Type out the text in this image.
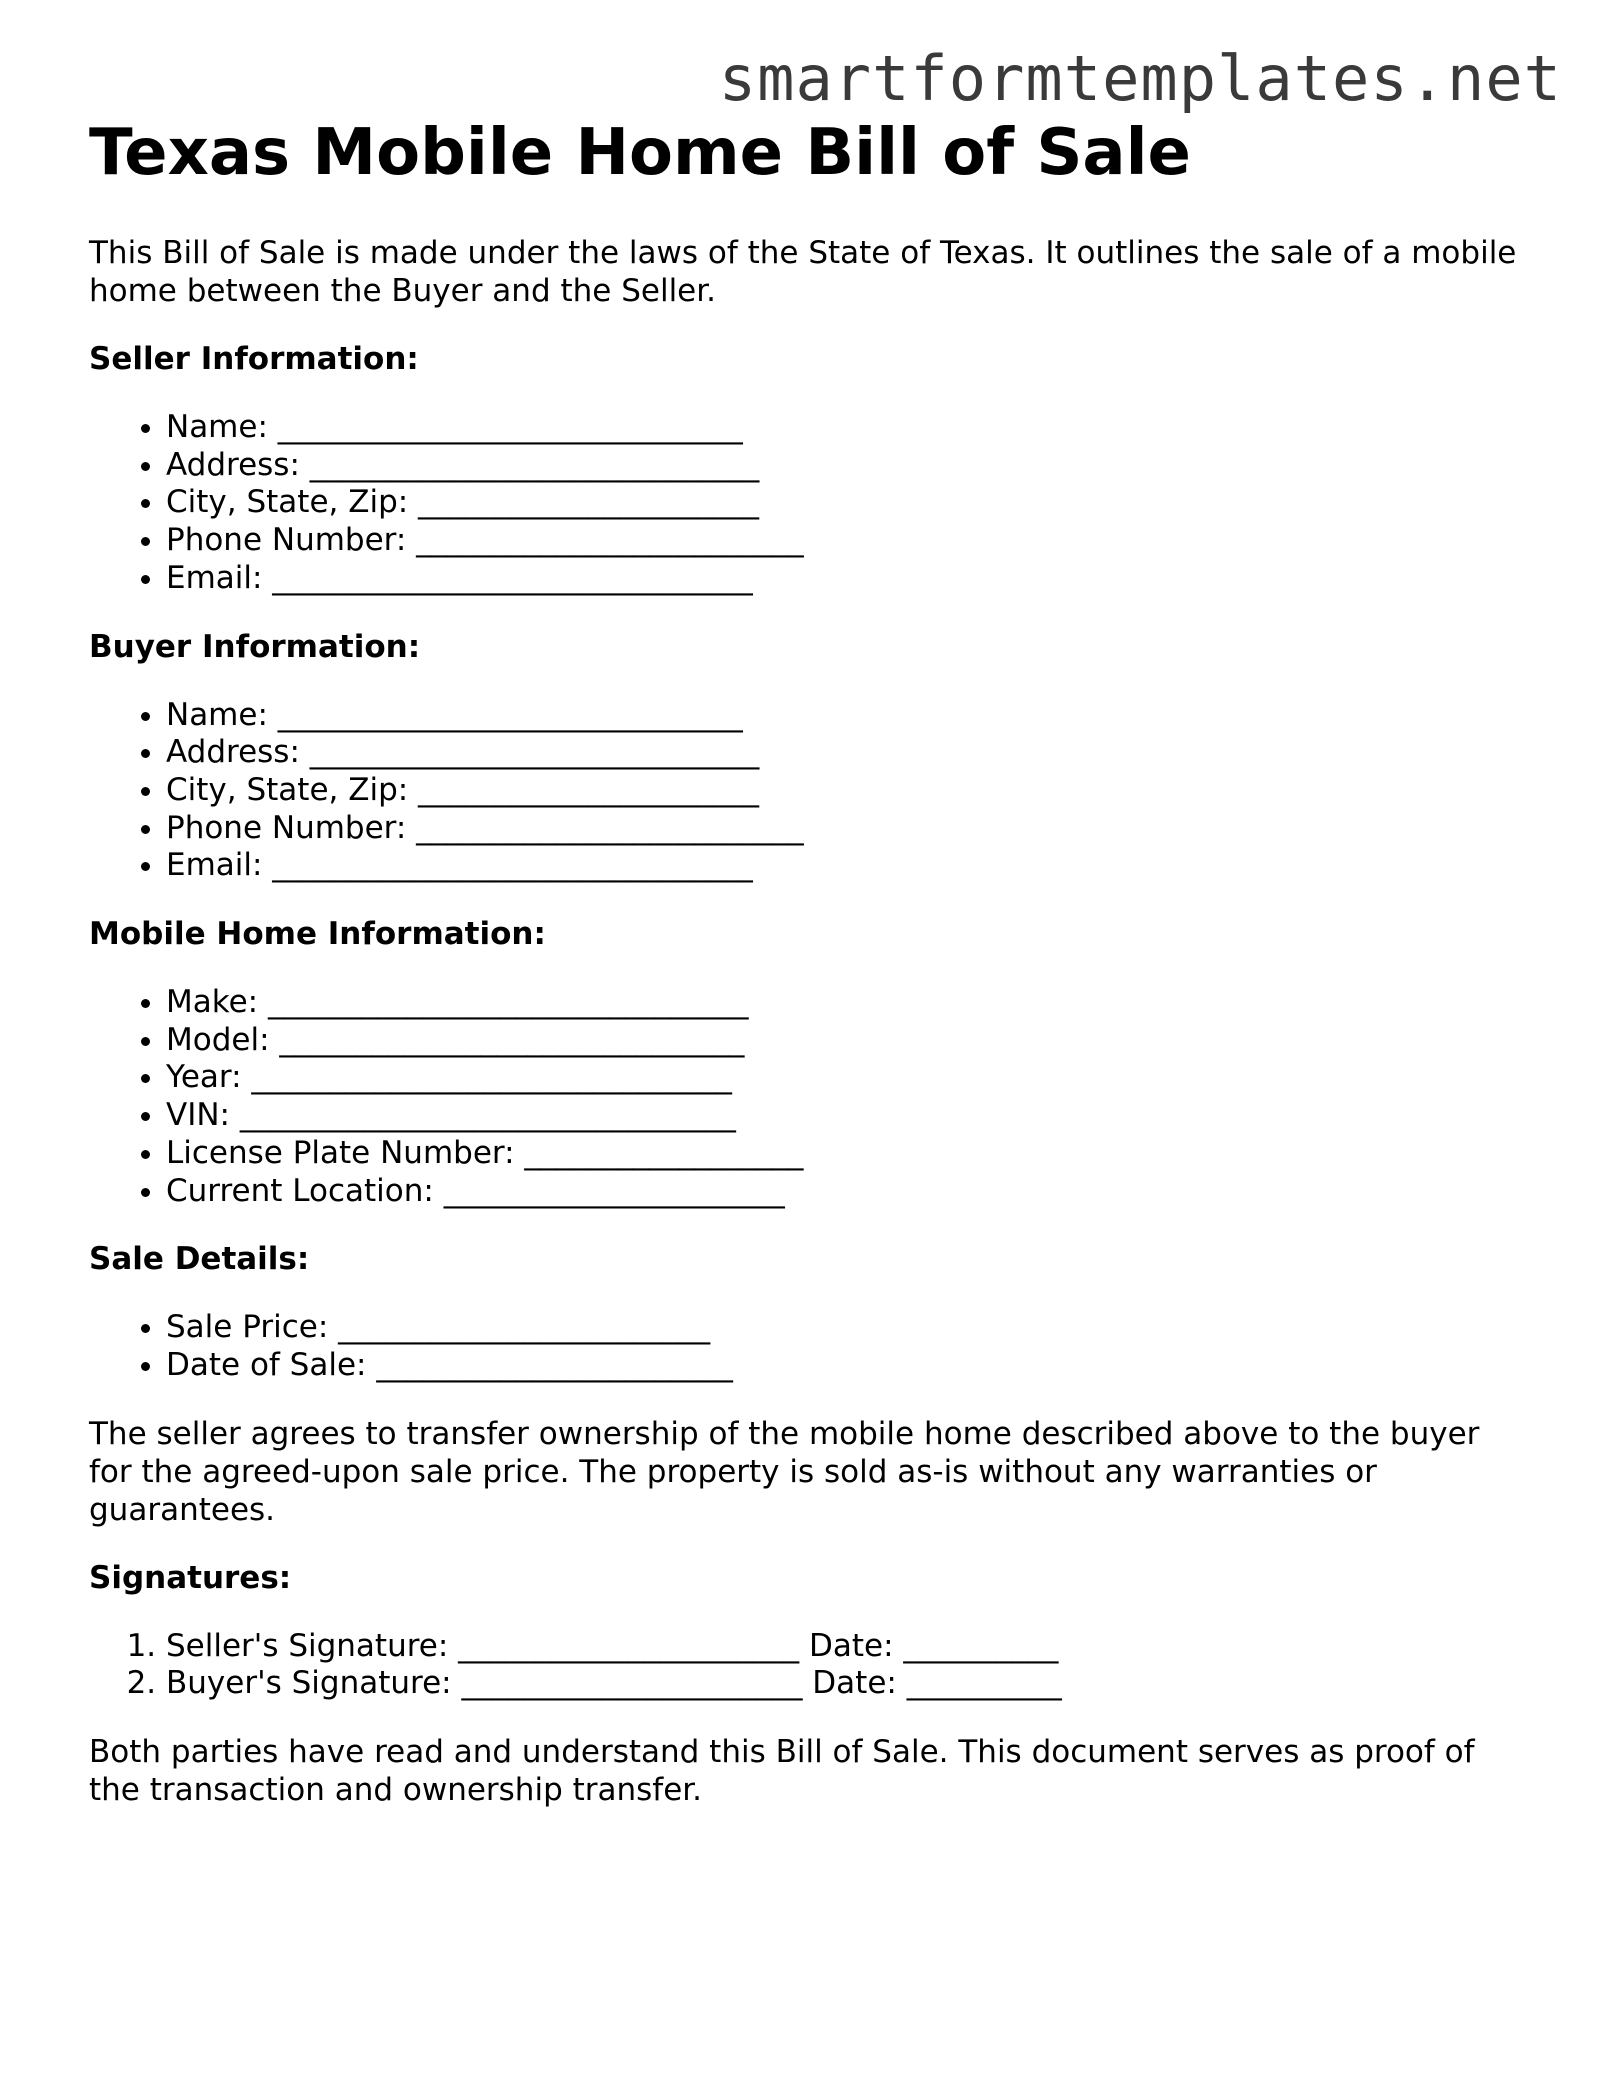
smartformtemplates.net
Texas Mobile Home Bill of Sale

This Bill of Sale is made under the laws of the State of Texas. It outlines the sale of a mobile home between the Buyer and the Seller.

Seller Information:
• Name: ______________________________
• Address: _____________________________
• City, State, Zip: ______________________
• Phone Number: _________________________
• Email: _______________________________
Buyer Information:
• Name: ______________________________
• Address: _____________________________
• City, State, Zip: ______________________
• Phone Number: _________________________
• Email: _______________________________
Mobile Home Information:
• Make: _______________________________
• Model: ______________________________
• Year: _______________________________
• VIN: ________________________________
• License Plate Number: __________________
• Current Location: ______________________
Sale Details:
• Sale Price: ________________________
• Date of Sale: _______________________

The seller agrees to transfer ownership of the mobile home described above to the buyer for the agreed-upon sale price. The property is sold as-is without any warranties or guarantees.

Signatures:
1. Seller's Signature: ______________________ Date: __________
2. Buyer's Signature: ______________________ Date: __________

Both parties have read and understand this Bill of Sale. This document serves as proof of the transaction and ownership transfer.
